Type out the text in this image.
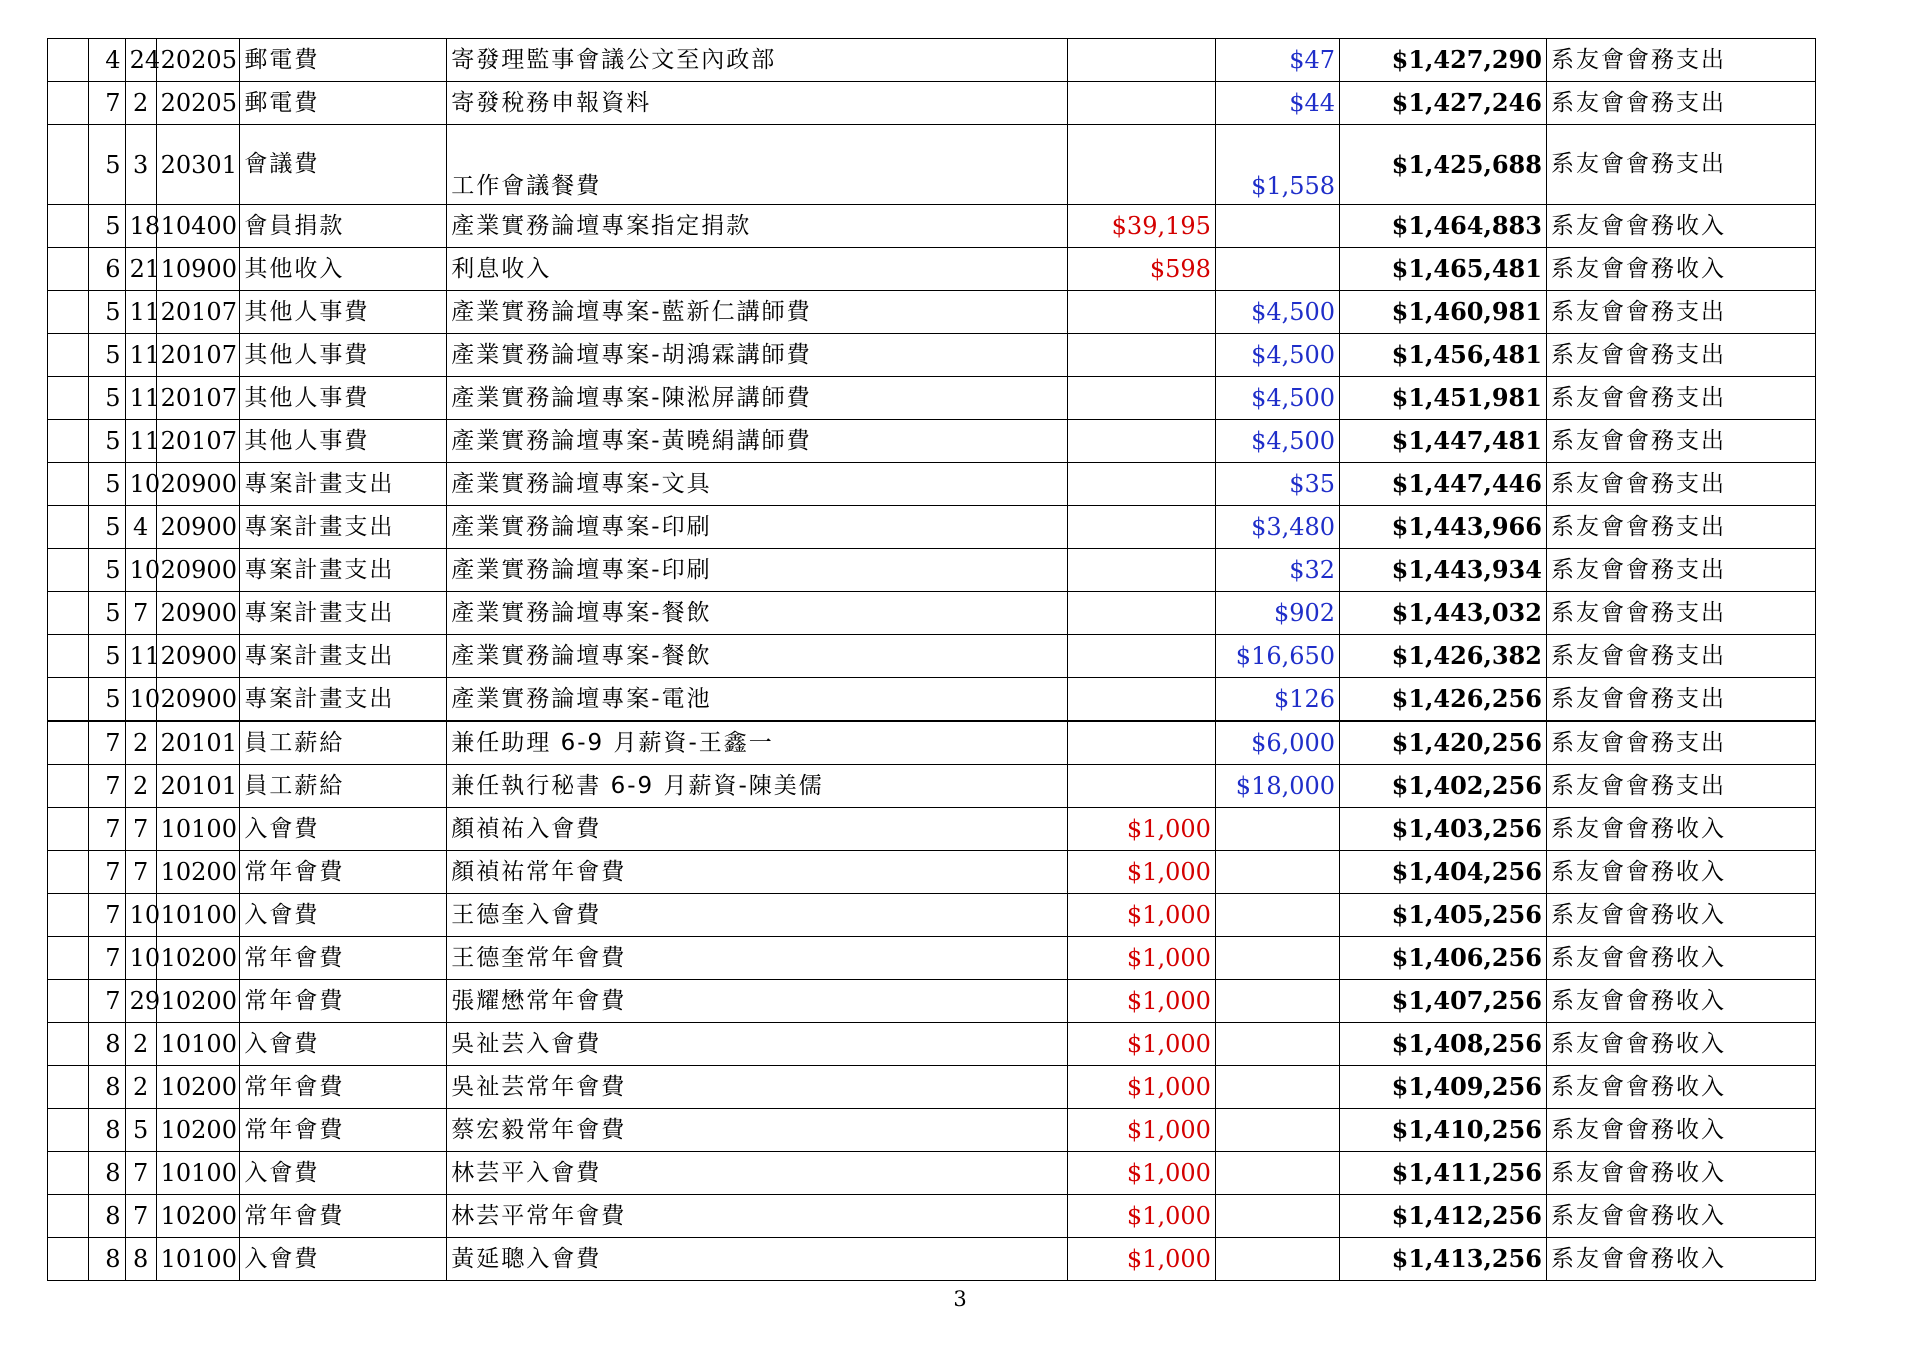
	4	24	20205	郵電費	寄發理監事會議公文至內政部		$47	$1,427,290	系友會會務支出
	7	2	20205	郵電費	寄發稅務申報資料		$44	$1,427,246	系友會會務支出
	5	3	20301	會議費	工作會議餐費		$1,558	$1,425,688	系友會會務支出
	5	18	10400	會員捐款	產業實務論壇專案指定捐款	$39,195		$1,464,883	系友會會務收入
	6	21	10900	其他收入	利息收入	$598		$1,465,481	系友會會務收入
	5	11	20107	其他人事費	產業實務論壇專案-藍新仁講師費		$4,500	$1,460,981	系友會會務支出
	5	11	20107	其他人事費	產業實務論壇專案-胡鴻霖講師費		$4,500	$1,456,481	系友會會務支出
	5	11	20107	其他人事費	產業實務論壇專案-陳淞屏講師費		$4,500	$1,451,981	系友會會務支出
	5	11	20107	其他人事費	產業實務論壇專案-黃曉絹講師費		$4,500	$1,447,481	系友會會務支出
	5	10	20900	專案計畫支出	產業實務論壇專案-文具		$35	$1,447,446	系友會會務支出
	5	4	20900	專案計畫支出	產業實務論壇專案-印刷		$3,480	$1,443,966	系友會會務支出
	5	10	20900	專案計畫支出	產業實務論壇專案-印刷		$32	$1,443,934	系友會會務支出
	5	7	20900	專案計畫支出	產業實務論壇專案-餐飲		$902	$1,443,032	系友會會務支出
	5	11	20900	專案計畫支出	產業實務論壇專案-餐飲		$16,650	$1,426,382	系友會會務支出
	5	10	20900	專案計畫支出	產業實務論壇專案-電池		$126	$1,426,256	系友會會務支出
	7	2	20101	員工薪給	兼任助理 6-9 月薪資-王鑫一		$6,000	$1,420,256	系友會會務支出
	7	2	20101	員工薪給	兼任執行秘書 6-9 月薪資-陳美儒		$18,000	$1,402,256	系友會會務支出
	7	7	10100	入會費	顏禎祐入會費	$1,000		$1,403,256	系友會會務收入
	7	7	10200	常年會費	顏禎祐常年會費	$1,000		$1,404,256	系友會會務收入
	7	10	10100	入會費	王德奎入會費	$1,000		$1,405,256	系友會會務收入
	7	10	10200	常年會費	王德奎常年會費	$1,000		$1,406,256	系友會會務收入
	7	29	10200	常年會費	張耀懋常年會費	$1,000		$1,407,256	系友會會務收入
	8	2	10100	入會費	吳祉芸入會費	$1,000		$1,408,256	系友會會務收入
	8	2	10200	常年會費	吳祉芸常年會費	$1,000		$1,409,256	系友會會務收入
	8	5	10200	常年會費	蔡宏毅常年會費	$1,000		$1,410,256	系友會會務收入
	8	7	10100	入會費	林芸平入會費	$1,000		$1,411,256	系友會會務收入
	8	7	10200	常年會費	林芸平常年會費	$1,000		$1,412,256	系友會會務收入
	8	8	10100	入會費	黃延聰入會費	$1,000		$1,413,256	系友會會務收入
3
